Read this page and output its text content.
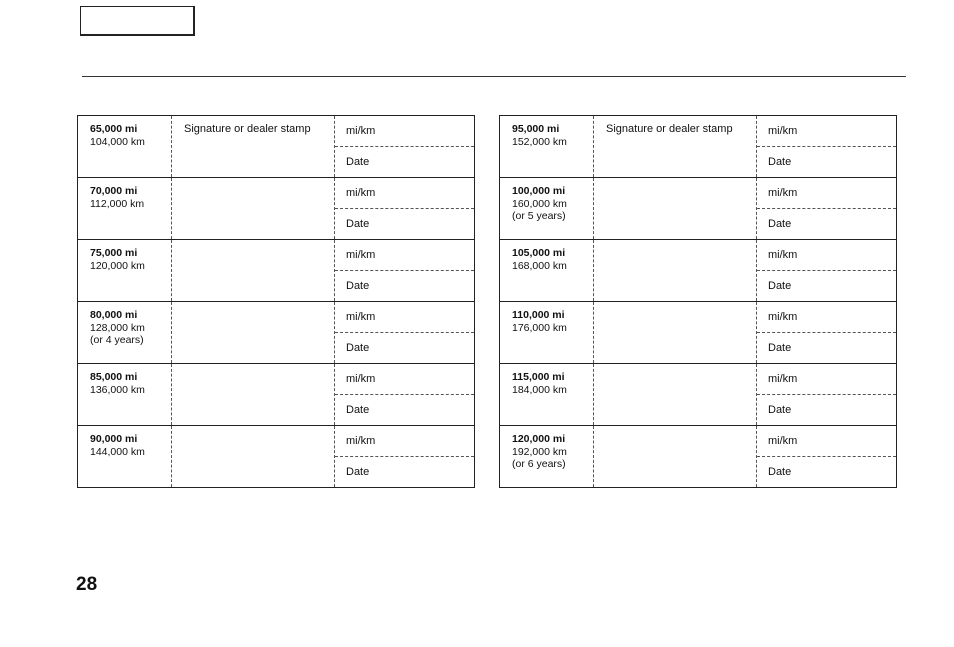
65,000 mi
104,000 km
Signature or dealer stamp	mi/km
Date
70,000 mi
112,000 km
mi/km
Date
75,000 mi
120,000 km
mi/km
Date
80,000 mi
128,000 km
(or 4 years)
mi/km
Date
85,000 mi
136,000 km
mi/km
Date
90,000 mi
144,000 km
mi/km
Date
95,000 mi
152,000 km
Signature or dealer stamp	mi/km
Date
100,000 mi
160,000 km
(or 5 years)
mi/km
Date
105,000 mi
168,000 km
mi/km
Date
110,000 mi
176,000 km
mi/km
Date
115,000 mi
184,000 km
mi/km
Date
120,000 mi
192,000 km
(or 6 years)
mi/km
Date
28
